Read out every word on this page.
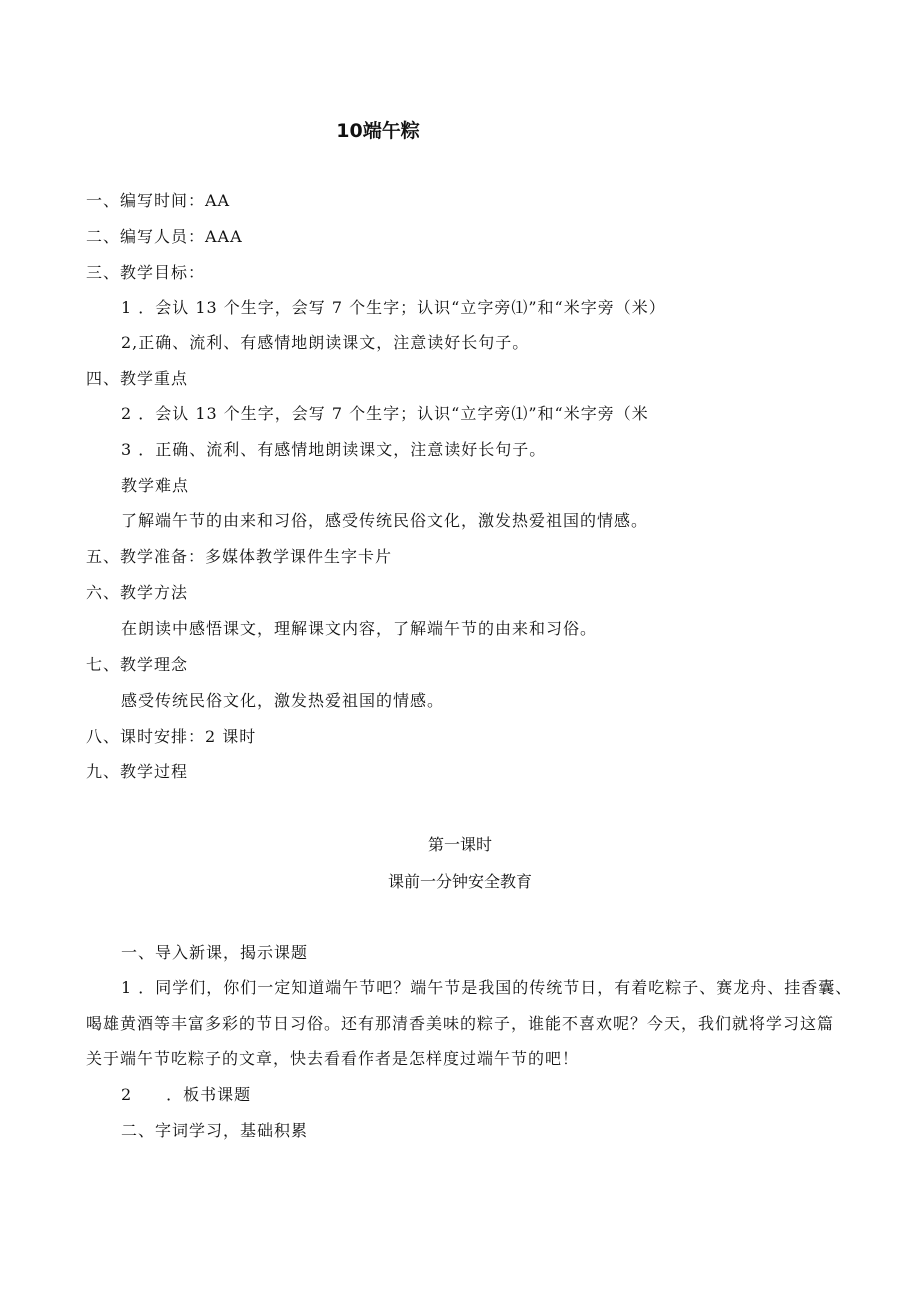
10端午粽
一、编写时间：AA
二、编写人员：AAA
三、教学目标：
1 ．会认 13 个生字，会写 7 个生字；认识“立字旁⑴”和“米字旁（米）
2,正确、流利、有感情地朗读课文，注意读好长句子。
四、教学重点
2 ．会认 13 个生字，会写 7 个生字；认识“立字旁⑴”和“米字旁（米
3 ．正确、流利、有感情地朗读课文，注意读好长句子。
教学难点
了解端午节的由来和习俗，感受传统民俗文化，激发热爱祖国的情感。
五、教学准备：多媒体教学课件生字卡片
六、教学方法
在朗读中感悟课文，理解课文内容，了解端午节的由来和习俗。
七、教学理念
感受传统民俗文化，激发热爱祖国的情感。
八、课时安排：2 课时
九、教学过程
第一课时
课前一分钟安全教育
一、导入新课，揭示课题
1 ．同学们，你们一定知道端午节吧？端午节是我国的传统节日，有着吃粽子、赛龙舟、挂香囊、
喝雄黄酒等丰富多彩的节日习俗。还有那清香美味的粽子，谁能不喜欢呢？今天，我们就将学习这篇
关于端午节吃粽子的文章，快去看看作者是怎样度过端午节的吧！
2　　．板书课题
二、字词学习，基础积累
